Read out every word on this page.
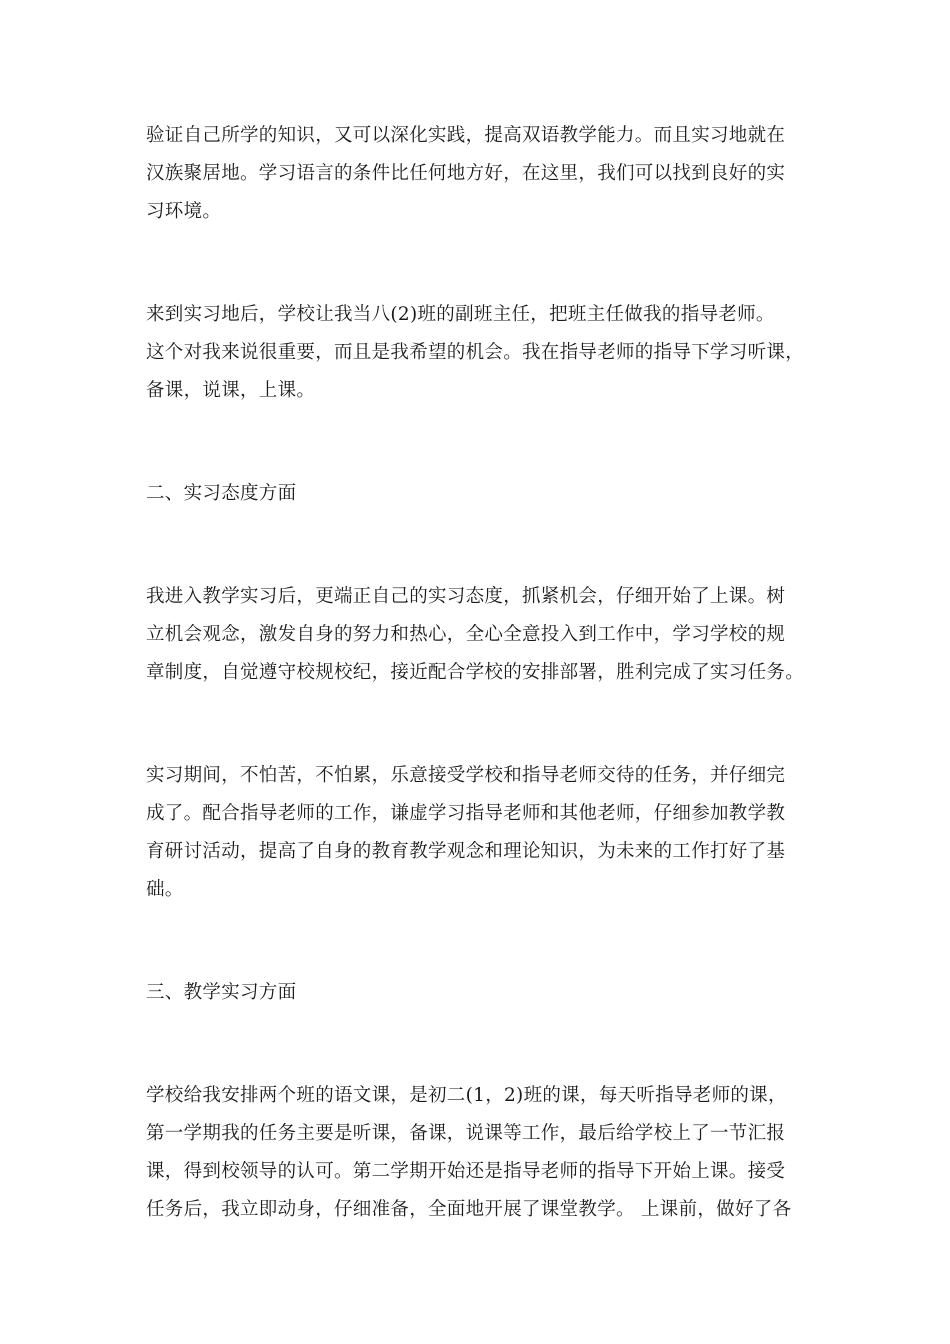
验证自己所学的知识，又可以深化实践，提高双语教学能力。而且实习地就在
汉族聚居地。学习语言的条件比任何地方好，在这里，我们可以找到良好的实
习环境。
来到实习地后，学校让我当八(2)班的副班主任，把班主任做我的指导老师。
这个对我来说很重要，而且是我希望的机会。我在指导老师的指导下学习听课，
备课，说课，上课。
二、实习态度方面
我进入教学实习后，更端正自己的实习态度，抓紧机会，仔细开始了上课。树
立机会观念，激发自身的努力和热心，全心全意投入到工作中，学习学校的规
章制度，自觉遵守校规校纪，接近配合学校的安排部署，胜利完成了实习任务。
实习期间，不怕苦，不怕累，乐意接受学校和指导老师交待的任务，并仔细完
成了。配合指导老师的工作，谦虚学习指导老师和其他老师，仔细参加教学教
育研讨活动，提高了自身的教育教学观念和理论知识，为未来的工作打好了基
础。
三、教学实习方面
学校给我安排两个班的语文课，是初二(1，2)班的课，每天听指导老师的课，
第一学期我的任务主要是听课，备课，说课等工作，最后给学校上了一节汇报
课，得到校领导的认可。第二学期开始还是指导老师的指导下开始上课。接受
任务后，我立即动身，仔细准备，全面地开展了课堂教学。 上课前，做好了各
